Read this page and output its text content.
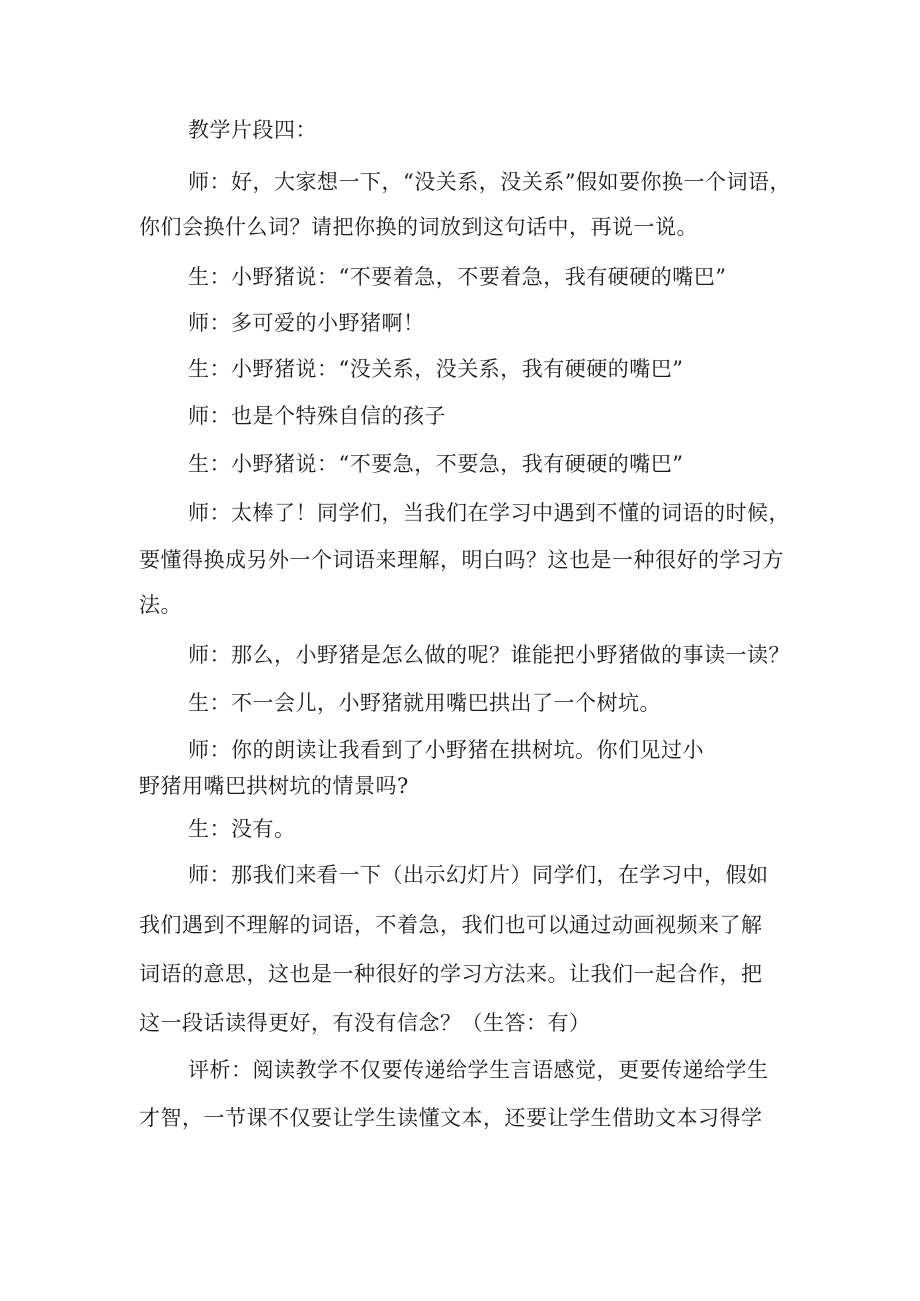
教学片段四：
师：好，大家想一下，“没关系，没关系”假如要你换一个词语，
你们会换什么词？请把你换的词放到这句话中，再说一说。
生：小野猪说：“不要着急，不要着急，我有硬硬的嘴巴”
师：多可爱的小野猪啊！
生：小野猪说：“没关系，没关系，我有硬硬的嘴巴”
师：也是个特殊自信的孩子
生：小野猪说：“不要急，不要急，我有硬硬的嘴巴”
师：太棒了！同学们，当我们在学习中遇到不懂的词语的时候，
要懂得换成另外一个词语来理解，明白吗？这也是一种很好的学习方
法。
师：那么，小野猪是怎么做的呢？谁能把小野猪做的事读一读？
生：不一会儿，小野猪就用嘴巴拱出了一个树坑。
师：你的朗读让我看到了小野猪在拱树坑。你们见过小
野猪用嘴巴拱树坑的情景吗?
生：没有。
师：那我们来看一下（出示幻灯片）同学们，在学习中，假如
我们遇到不理解的词语，不着急，我们也可以通过动画视频来了解
词语的意思，这也是一种很好的学习方法来。让我们一起合作，把
这一段话读得更好，有没有信念？（生答：有）
评析：阅读教学不仅要传递给学生言语感觉，更要传递给学生
才智，一节课不仅要让学生读懂文本，还要让学生借助文本习得学
